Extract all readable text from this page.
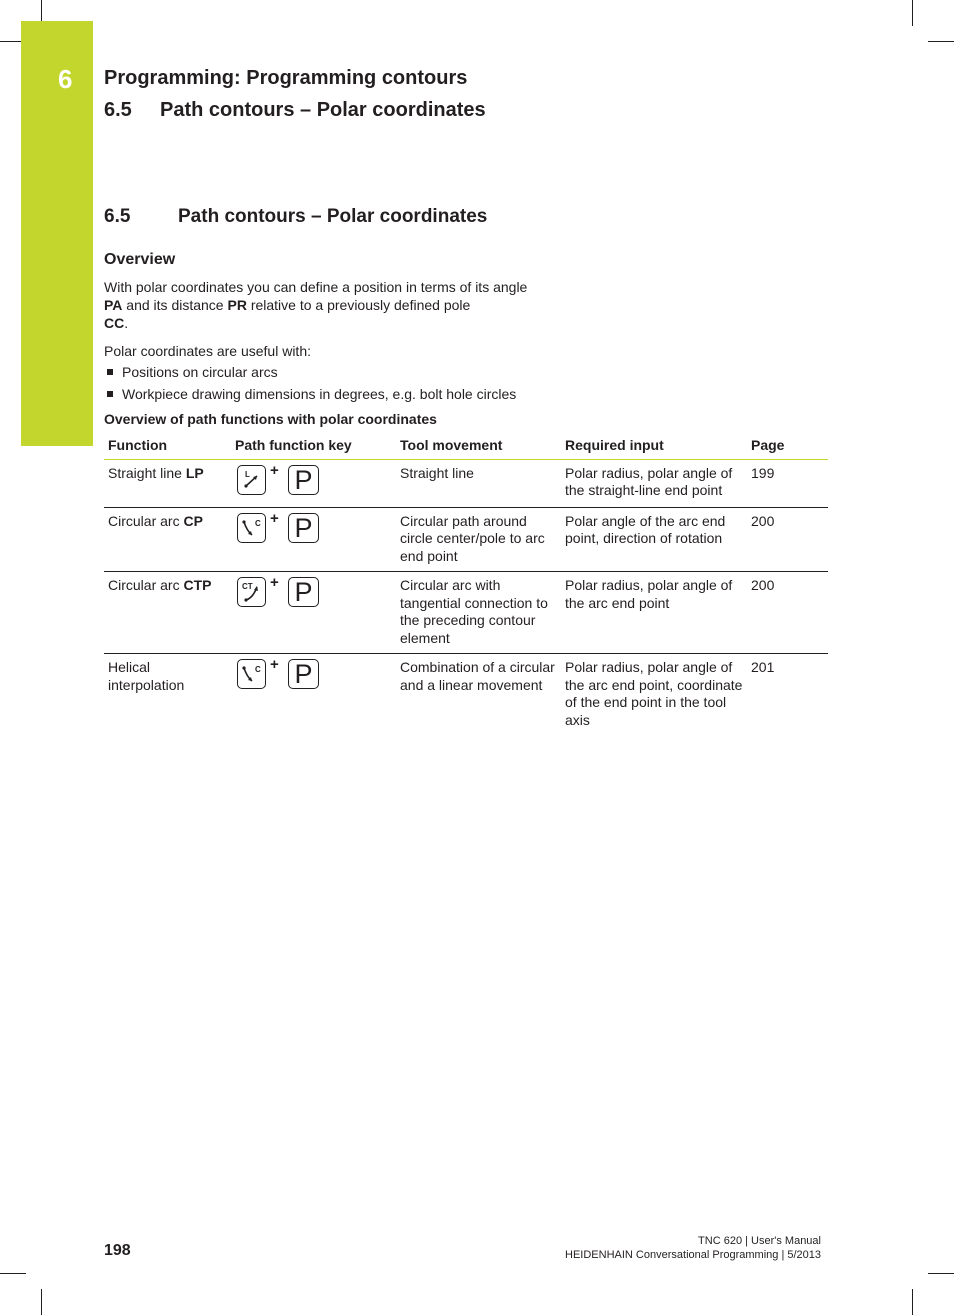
6 Programming: Programming contours
6.5 Path contours – Polar coordinates
6.5	Path contours – Polar coordinates
Overview
With polar coordinates you can define a position in terms of its angle PA and its distance PR relative to a previously defined pole
CC.
Polar coordinates are useful with:
Positions on circular arcs
Workpiece drawing dimensions in degrees, e.g. bolt hole circles
Overview of path functions with polar coordinates
Function	Path function key	Tool movement	Required input	Page
Straight line LP	L + P	Straight line	Polar radius, polar angle of the straight-line end point	199
Circular arc CP	C + P	Circular path around circle center/pole to arc end point	Polar angle of the arc end point, direction of rotation	200
Circular arc CTP	CT + P	Circular arc with tangential connection to the preceding contour element	Polar radius, polar angle of the arc end point	200
Helical interpolation	C + P	Combination of a circular and a linear movement	Polar radius, polar angle of the arc end point, coordinate of the end point in the tool axis	201
198
TNC 620 | User's Manual
HEIDENHAIN Conversational Programming | 5/2013
